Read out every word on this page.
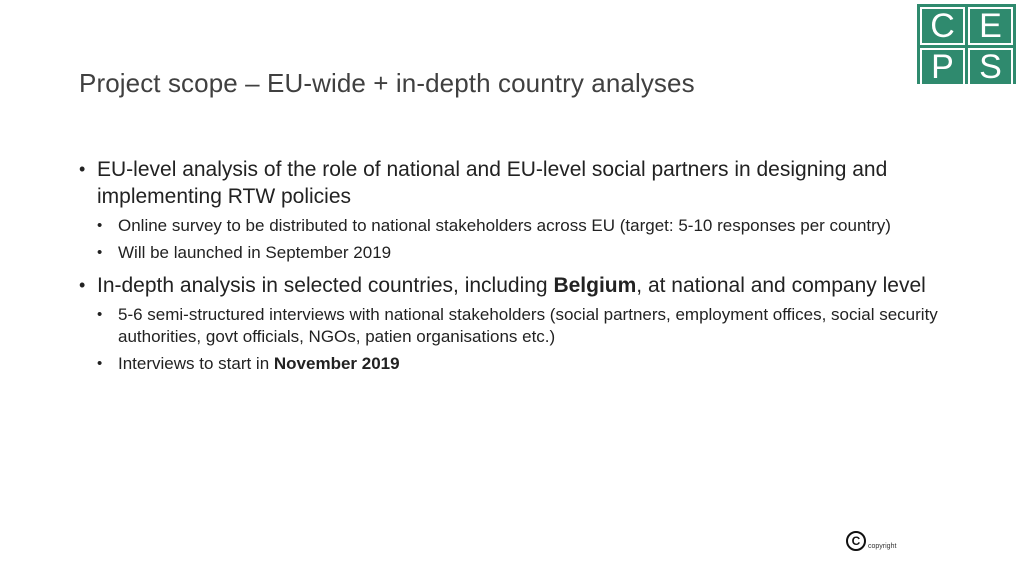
Project scope – EU-wide + in-depth country analyses
C E
P S
• EU-level analysis of the role of national and EU-level social partners in designing and implementing RTW policies
• Online survey to be distributed to national stakeholders across EU (target: 5-10 responses per country)
• Will be launched in September 2019
• In-depth analysis in selected countries, including Belgium, at national and company level
• 5-6 semi-structured interviews with national stakeholders (social partners, employment offices, social security authorities, govt officials, NGOs, patien organisations etc.)
• Interviews to start in November 2019
C	copyright
